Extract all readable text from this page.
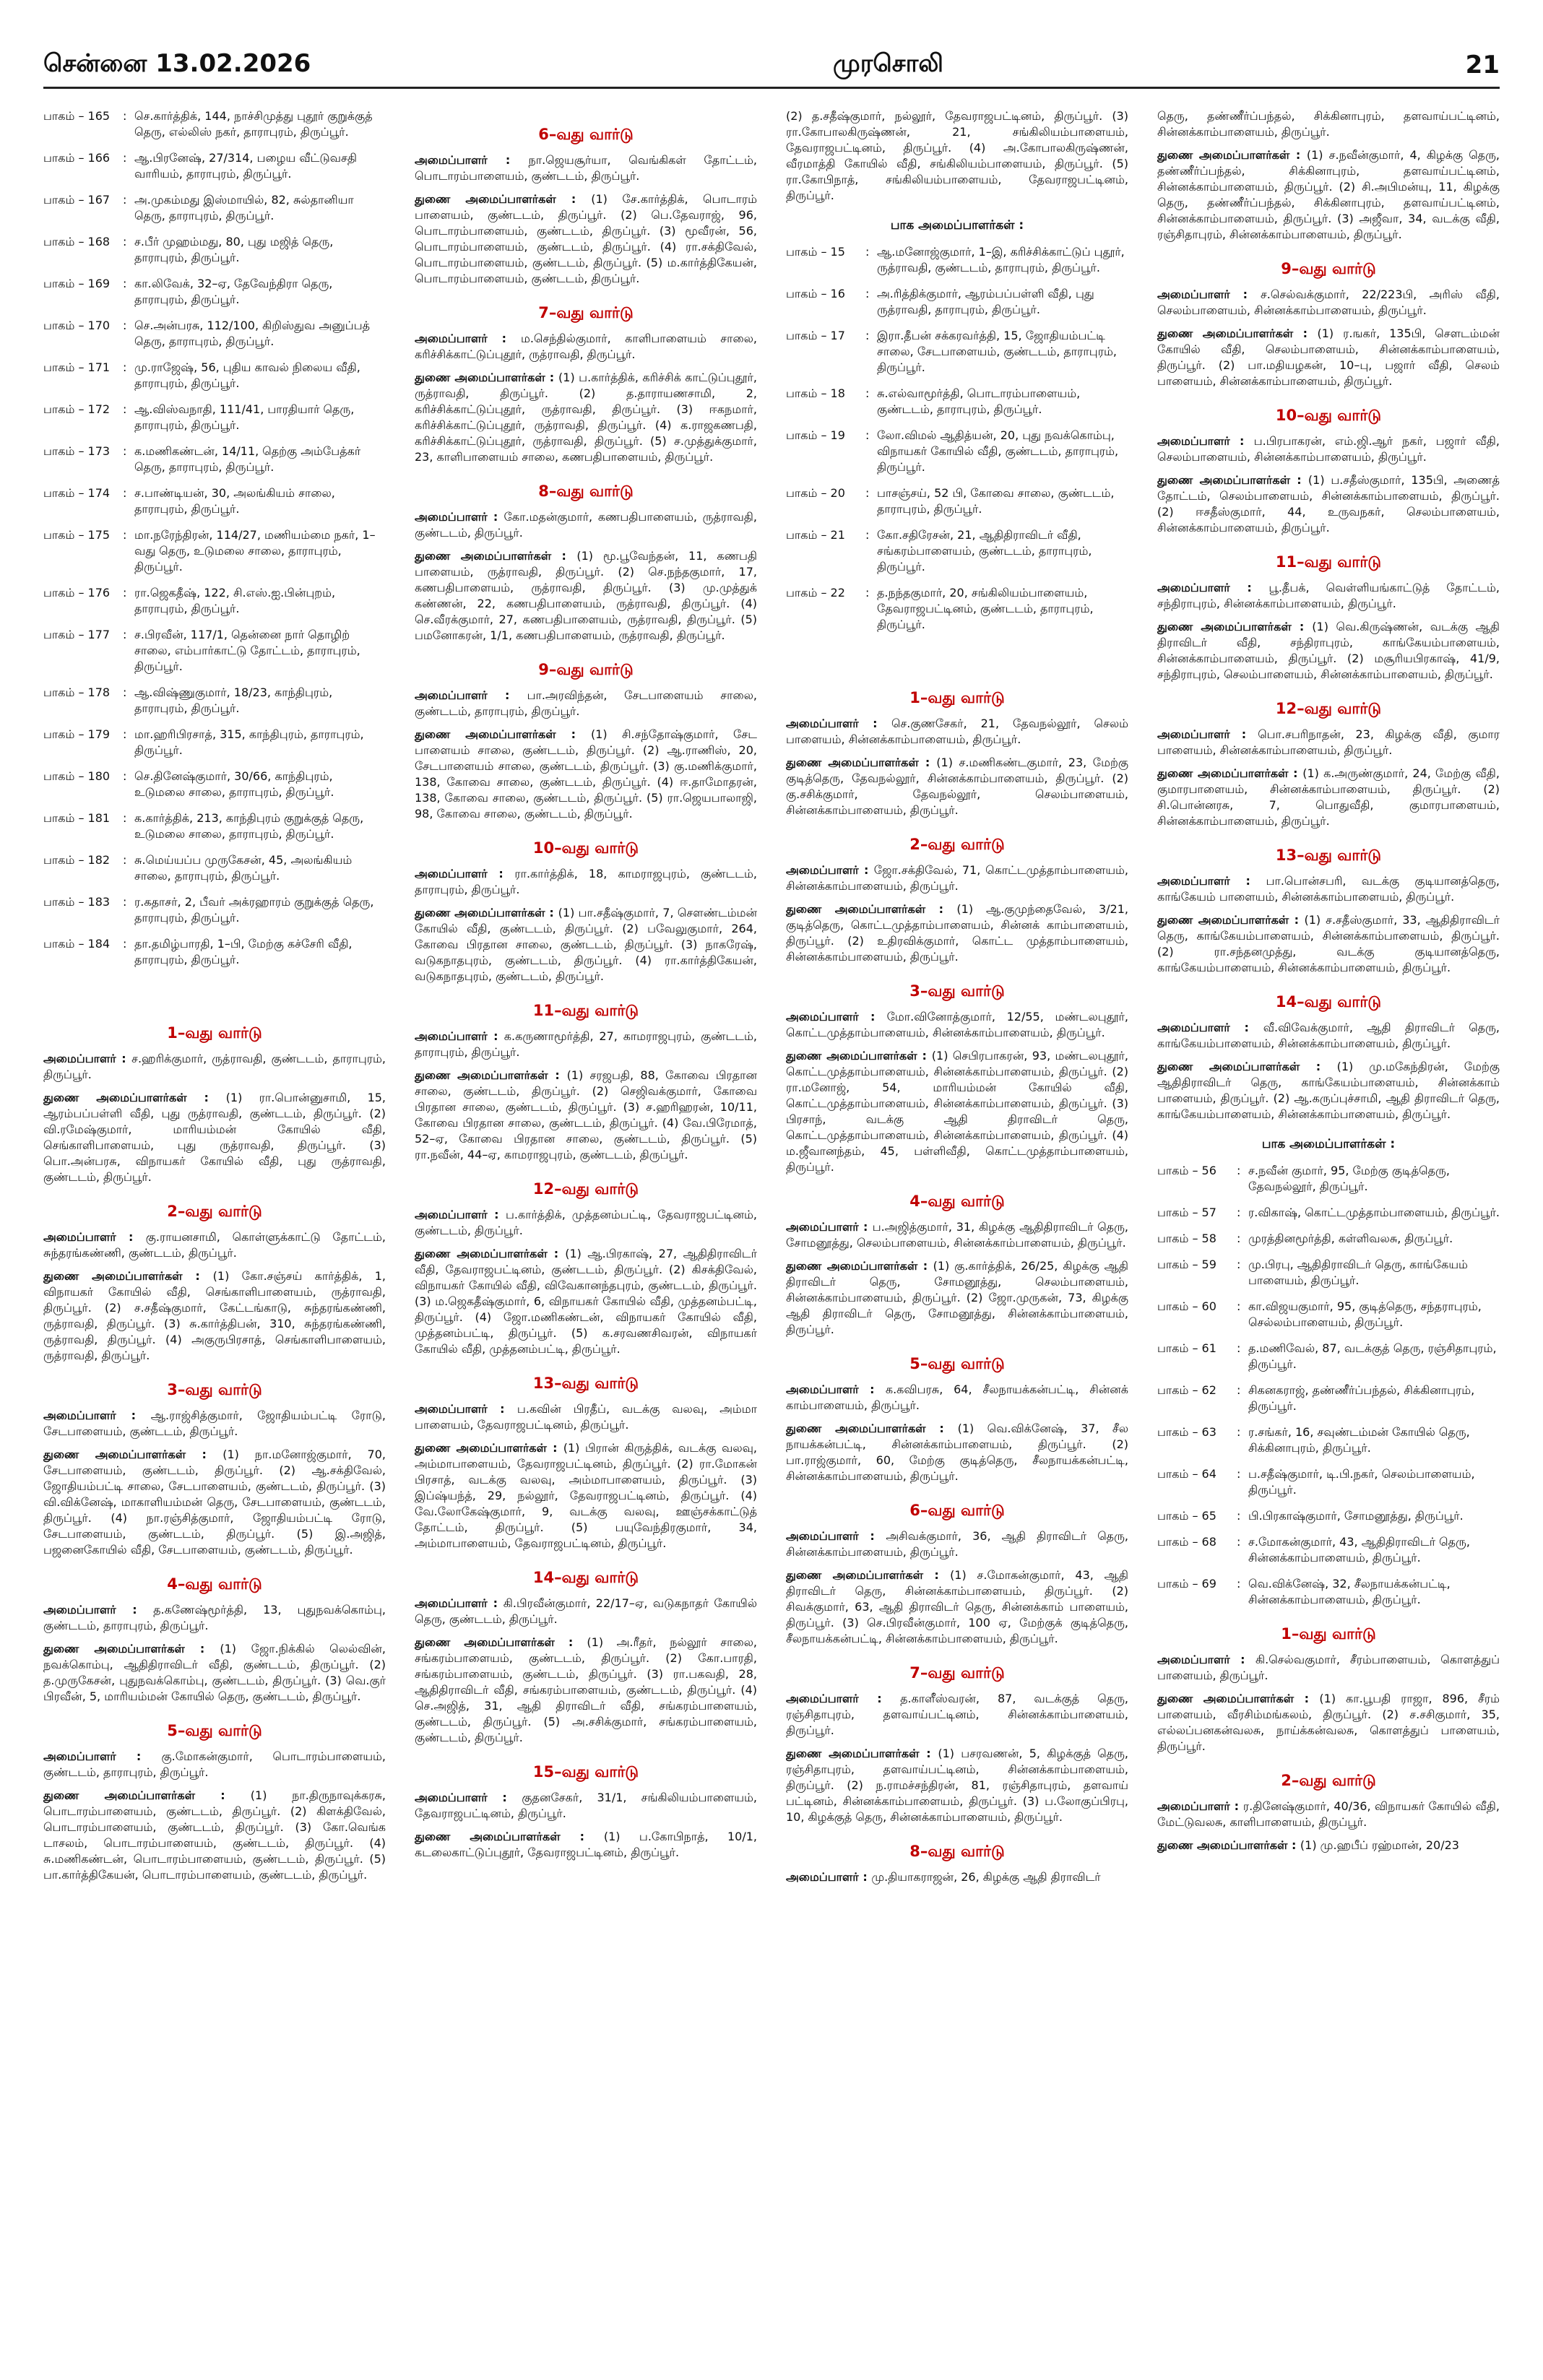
சென்னை 13.02.2026	முரசொலி	21
பாகம் – 165	: செ.கார்த்திக், 144, நாச்சிமுத்து புதூர் குறுக்குத் தெரு, எல்லிஸ் நகர், தாராபுரம், திருப்பூர்.
பாகம் – 166	: ஆ.பிரனேஷ், 27/314, பழைய வீட்டுவசதி வாரியம், தாராபுரம், திருப்பூர்.
பாகம் – 167	: அ.முகம்மது இஸ்மாயில், 82, சுல்தானியா தெரு, தாராபுரம், திருப்பூர்.
பாகம் – 168	: ச.பீர் முஹம்மது, 80, புது மஜித் தெரு, தாராபுரம், திருப்பூர்.
பாகம் – 169	: கா.லிவேக், 32–ஏ, தேவேந்திரா தெரு, தாராபுரம், திருப்பூர்.
பாகம் – 170	: செ.அன்பரசு, 112/100, கிறிஸ்துவ அனுப்பத் தெரு, தாராபுரம், திருப்பூர்.
பாகம் – 171	: மு.ராஜேஷ், 56, புதிய காவல் நிலைய வீதி, தாராபுரம், திருப்பூர்.
பாகம் – 172	: ஆ.விஸ்வநாதி, 111/41, பாரதியார் தெரு, தாராபுரம், திருப்பூர்.
பாகம் – 173	: க.மணிகண்டன், 14/11, தெற்கு அம்பேத்கர் தெரு, தாராபுரம், திருப்பூர்.
பாகம் – 174	: ச.பாண்டியன், 30, அலங்கியம் சாலை, தாராபுரம், திருப்பூர்.
பாகம் – 175	: மா.நரேந்திரன், 114/27, மணியம்மை நகர், 1–வது தெரு, உடுமலை சாலை, தாராபுரம், திருப்பூர்.
பாகம் – 176	: ரா.ஜெகதீஷ், 122, சி.எஸ்.ஐ.பின்புறம், தாராபுரம், திருப்பூர்.
பாகம் – 177	: ச.பிரவீன், 117/1, தென்னை நார் தொழிற் சாலை, எம்பார்காட்டு தோட்டம், தாராபுரம், திருப்பூர்.
பாகம் – 178	: ஆ.விஷ்ணுகுமார், 18/23, காந்திபுரம், தாராபுரம், திருப்பூர்.
பாகம் – 179	: மா.ஹரிபிரசாத், 315, காந்திபுரம், தாராபுரம், திருப்பூர்.
பாகம் – 180	: செ.தினேஷ்குமார், 30/66, காந்திபுரம், உடுமலை சாலை, தாராபுரம், திருப்பூர்.
பாகம் – 181	: க.கார்த்திக், 213, காந்திபுரம் குறுக்குத் தெரு, உடுமலை சாலை, தாராபுரம், திருப்பூர்.
பாகம் – 182	: சு.மெய்யப்ப முருகேசன், 45, அலங்கியம் சாலை, தாராபுரம், திருப்பூர்.
பாகம் – 183	: ர.கதாசர், 2, பீவர் அக்ரஹாரம் குறுக்குத் தெரு, தாராபுரம், திருப்பூர்.
பாகம் – 184	: தா.தமிழ்பாரதி, 1–பி, மேற்கு கச்சேரி வீதி, தாராபுரம், திருப்பூர்.
1–வது வார்டு

அமைப்பாளர் : ச.ஹரிக்குமார், ருத்ராவதி, குண்டடம், தாராபுரம், திருப்பூர்.

துணை அமைப்பாளர்கள் : (1) ரா.பொன்னுசாமி, 15, ஆரம்பப்பள்ளி வீதி, புது ருத்ராவதி, குண்டடம், திருப்பூர். (2) வி.ரமேஷ்குமார், மாரியம்மன் கோயில் வீதி, செங்காளிபாளையம், புது ருத்ராவதி, திருப்பூர். (3) பொ.அன்பரசு, விநாயகர் கோயில் வீதி, புது ருத்ராவதி, குண்டடம், திருப்பூர்.

2–வது வார்டு

அமைப்பாளர் : கு.ராயனசாமி, கொள்ளுக்காட்டு தோட்டம், சுந்தரங்கண்ணி, குண்டடம், திருப்பூர்.

துணை அமைப்பாளர்கள் : (1) கோ.சஞ்சய் கார்த்திக், 1, விநாயகர் கோயில் வீதி, செங்காளிபாளையம், ருத்ராவதி, திருப்பூர். (2) ச.சதீஷ்குமார், கேட்டங்காடு, சுந்தரங்கண்ணி, ருத்ராவதி, திருப்பூர். (3) சு.கார்த்திபன், 310, சுந்தரங்கண்ணி, ருத்ராவதி, திருப்பூர். (4) அகுருபிரசாத், செங்காளிபாளையம், ருத்ராவதி, திருப்பூர்.

3–வது வார்டு

அமைப்பாளர் : ஆ.ராஜ்சித்குமார், ஜோதியம்பட்டி ரோடு, சேடபாளையம், குண்டடம், திருப்பூர்.

துணை அமைப்பாளர்கள் : (1) நா.மனோஜ்குமார், 70, சேடபாளையம், குண்டடம், திருப்பூர். (2) ஆ.சக்திவேல், ஜோதியம்பட்டி சாலை, சேடபாளையம், குண்டடம், திருப்பூர். (3) வி.விக்னேஷ், மாகாளியம்மன் தெரு, சேடபாளையம், குண்டடம், திருப்பூர். (4) நா.ரஞ்சித்குமார், ஜோதியம்பட்டி ரோடு, சேடபாளையம், குண்டடம், திருப்பூர். (5) இ.அஜித், பஜனைகோயில் வீதி, சேடபாளையம், குண்டடம், திருப்பூர்.

4–வது வார்டு

அமைப்பாளர் : த.கணேஷ்மூர்த்தி, 13, புதுநவக்கொம்பு, குண்டடம், தாராபுரம், திருப்பூர்.

துணை அமைப்பாளர்கள் : (1) ஜோ.நிக்கில் லெல்வின், நவக்கொம்பு, ஆதிதிராவிடர் வீதி, குண்டடம், திருப்பூர். (2) த.முருகேசன், புதுநவக்கொம்பு, குண்டடம், திருப்பூர். (3) வெ.குர் பிரவீன், 5, மாரியம்மன் கோயில் தெரு, குண்டடம், திருப்பூர்.

5–வது வார்டு

அமைப்பாளர் : கு.மோகன்குமார், பொடாரம்பாளையம், குண்டடம், தாராபுரம், திருப்பூர்.

துணை அமைப்பாளர்கள் : (1) நா.திருநாவுக்கரசு, பொடாரம்பாளையம், குண்டடம், திருப்பூர். (2) கிளக்திவேல், பொடாரம்பாளையம், குண்டடம், திருப்பூர். (3) கோ.வெங்க டாசலம், பொடாரம்பாளையம், குண்டடம், திருப்பூர். (4) சு.மணிகண்டன், பொடாரம்பாளையம், குண்டடம், திருப்பூர். (5) பா.கார்த்திகேயன், பொடாரம்பாளையம், குண்டடம், திருப்பூர்.

6–வது வார்டு

அமைப்பாளர் : நா.ஜெயசூர்யா, வெங்கிகள் தோட்டம், பொடாரம்பாளையம், குண்டடம், திருப்பூர்.

துணை அமைப்பாளர்கள் : (1) சே.கார்த்திக், பொடாரம் பாளையம், குண்டடம், திருப்பூர். (2) பெ.தேவராஜ், 96, பொடாரம்பாளையம், குண்டடம், திருப்பூர். (3) மூவீரன், 56, பொடாரம்பாளையம், குண்டடம், திருப்பூர். (4) ரா.சக்திவேல், பொடாரம்பாளையம், குண்டடம், திருப்பூர். (5) ம.கார்த்திகேயன், பொடாரம்பாளையம், குண்டடம், திருப்பூர்.

7–வது வார்டு

அமைப்பாளர் : ம.செந்தில்குமார், காளிபாளையம் சாலை, கரிச்சிக்காட்டுப்புதூர், ருத்ராவதி, திருப்பூர்.

துணை அமைப்பாளர்கள் : (1) ப.கார்த்திக், கரிச்சிக் காட்டுப்புதூர், ருத்ராவதி, திருப்பூர். (2) த.தாராயணசாமி, 2, கரிச்சிக்காட்டுப்புதூர், ருத்ராவதி, திருப்பூர். (3) ஈகநமார், கரிச்சிக்காட்டுப்புதூர், ருத்ராவதி, திருப்பூர். (4) க.ராஜகணபதி, கரிச்சிக்காட்டுப்புதூர், ருத்ராவதி, திருப்பூர். (5) ச.முத்துக்குமார், 23, காளிபாளையம் சாலை, கணபதிபாளையம், திருப்பூர்.

8–வது வார்டு

அமைப்பாளர் : கோ.மதன்குமார், கணபதிபாளையம், ருத்ராவதி, குண்டடம், திருப்பூர்.

துணை அமைப்பாளர்கள் : (1) மூ.பூவேந்தன், 11, கணபதி பாளையம், ருத்ராவதி, திருப்பூர். (2) செ.நந்தகுமார், 17, கணபதிபாளையம், ருத்ராவதி, திருப்பூர். (3) மு.முத்துக் கண்ணன், 22, கணபதிபாளையம், ருத்ராவதி, திருப்பூர். (4) செ.வீரக்குமார், 27, கணபதிபாளையம், ருத்ராவதி, திருப்பூர். (5) பமனோகரன், 1/1, கணபதிபாளையம், ருத்ராவதி, திருப்பூர்.

9–வது வார்டு

அமைப்பாளர் : பா.அரவிந்தன், சேடபாளையம் சாலை, குண்டடம், தாராபுரம், திருப்பூர்.

துணை அமைப்பாளர்கள் : (1) சி.சந்தோஷ்குமார், சேட பாளையம் சாலை, குண்டடம், திருப்பூர். (2) ஆ.ராணிஸ், 20, சேடபாளையம் சாலை, குண்டடம், திருப்பூர். (3) கு.மணிக்குமார், 138, கோவை சாலை, குண்டடம், திருப்பூர். (4) ஈ.தாமோதரன், 138, கோவை சாலை, குண்டடம், திருப்பூர். (5) ரா.ஜெயபாலாஜி, 98, கோவை சாலை, குண்டடம், திருப்பூர்.

10–வது வார்டு

அமைப்பாளர் : ரா.கார்த்திக், 18, காமராஜபுரம், குண்டடம், தாராபுரம், திருப்பூர்.

துணை அமைப்பாளர்கள் : (1) பா.சதீஷ்குமார், 7, சௌண்டம்மன் கோயில் வீதி, குண்டடம், திருப்பூர். (2) பவேலுகுமார், 264, கோவை பிரதான சாலை, குண்டடம், திருப்பூர். (3) நாகரேஷ், வடுகநாதபுரம், குண்டடம், திருப்பூர். (4) ரா.கார்த்திகேயன், வடுகநாதபுரம், குண்டடம், திருப்பூர்.

11–வது வார்டு

அமைப்பாளர் : க.கருணாமூர்த்தி, 27, காமராஜபுரம், குண்டடம், தாராபுரம், திருப்பூர்.

துணை அமைப்பாளர்கள் : (1) சரஜபதி, 88, கோவை பிரதான சாலை, குண்டடம், திருப்பூர். (2) செஜிவக்குமார், கோவை பிரதான சாலை, குண்டடம், திருப்பூர். (3) ச.ஹரிஹரன், 10/11, கோவை பிரதான சாலை, குண்டடம், திருப்பூர். (4) வே.பிரேமாத், 52–ஏ, கோவை பிரதான சாலை, குண்டடம், திருப்பூர். (5) ரா.நவீன், 44–ஏ, காமராஜபுரம், குண்டடம், திருப்பூர்.

12–வது வார்டு

அமைப்பாளர் : ப.கார்த்திக், முத்தனம்பட்டி, தேவராஜபட்டினம், குண்டடம், திருப்பூர்.

துணை அமைப்பாளர்கள் : (1) ஆ.பிரகாஷ், 27, ஆதிதிராவிடர் வீதி, தேவராஜபட்டினம், குண்டடம், திருப்பூர். (2) கிசக்திவேல், விநாயகர் கோயில் வீதி, விவேகானந்தபுரம், குண்டடம், திருப்பூர். (3) ம.ஜெகதீஷ்குமார், 6, விநாயகர் கோயில் வீதி, முத்தனம்பட்டி, திருப்பூர். (4) ஜோ.மணிகண்டன், விநாயகர் கோயில் வீதி, முத்தனம்பட்டி, திருப்பூர். (5) க.சரவணசிவரன், விநாயகர் கோயில் வீதி, முத்தனம்பட்டி, திருப்பூர்.

13–வது வார்டு

அமைப்பாளர் : ப.கவின் பிரதீப், வடக்கு வலவு, அம்மா பாளையம், தேவராஜபட்டினம், திருப்பூர்.

துணை அமைப்பாளர்கள் : (1) பிரான் கிருத்திக், வடக்கு வலவு, அம்மாபாளையம், தேவராஜபட்டினம், திருப்பூர். (2) ரா.மோகன் பிரசாத், வடக்கு வலவு, அம்மாபாளையம், திருப்பூர். (3) இப்ஷ்யந்த், 29, நல்லூர், தேவராஜபட்டினம், திருப்பூர். (4) வே.லோகேஷ்குமார், 9, வடக்கு வலவு, ஊஞ்சக்காட்டுத் தோட்டம், திருப்பூர். (5) பயுவேந்திரகுமார், 34, அம்மாபாளையம், தேவராஜபட்டினம், திருப்பூர்.

14–வது வார்டு

அமைப்பாளர் : கி.பிரவீன்குமார், 22/17–ஏ, வடுகநாதர் கோயில் தெரு, குண்டடம், திருப்பூர்.

துணை அமைப்பாளர்கள் : (1) அ.ரீதர், நல்லூர் சாலை, சங்கரம்பாளையம், குண்டடம், திருப்பூர். (2) கோ.பாரதி, சங்கரம்பாளையம், குண்டடம், திருப்பூர். (3) ரா.பகவதி, 28, ஆதிதிராவிடர் வீதி, சங்கரம்பாளையம், குண்டடம், திருப்பூர். (4) செ.அஜித், 31, ஆதி திராவிடர் வீதி, சங்கரம்பாளையம், குண்டடம், திருப்பூர். (5) அ.சசிக்குமார், சங்கரம்பாளையம், குண்டடம், திருப்பூர்.

15–வது வார்டு

அமைப்பாளர் : குதனசேகர், 31/1, சங்கிலியம்பாளையம், தேவராஜபட்டினம், திருப்பூர்.

துணை அமைப்பாளர்கள் : (1) ப.கோபிநாத், 10/1, கடலைகாட்டுப்புதூர், தேவராஜபட்டினம், திருப்பூர்.

(2) த.சதீஷ்குமார், நல்லூர், தேவராஜபட்டினம், திருப்பூர். (3) ரா.கோபாலகிருஷ்ணன், 21, சங்கிலியம்பாளையம், தேவராஜபட்டினம், திருப்பூர். (4) அ.கோபாலகிருஷ்ணன், வீரமாத்தி கோயில் வீதி, சங்கிலியம்பாளையம், திருப்பூர். (5) ரா.கோபிநாத், சங்கிலியம்பாளையம், தேவராஜபட்டினம், திருப்பூர்.

பாக அமைப்பாளர்கள் :
பாகம் – 15	: ஆ.மனோஜ்குமார், 1–இ, கரிச்சிக்காட்டுப் புதூர், ருத்ராவதி, குண்டடம், தாராபுரம், திருப்பூர்.
பாகம் – 16	: அ.ரித்திக்குமார், ஆரம்பப்பள்ளி வீதி, புது ருத்ராவதி, தாராபுரம், திருப்பூர்.
பாகம் – 17	: இரா.தீபன் சக்கரவர்த்தி, 15, ஜோதியம்பட்டி சாலை, சேடபாளையம், குண்டடம், தாராபுரம், திருப்பூர்.
பாகம் – 18	: சு.எல்வாமூர்த்தி, பொடாரம்பாளையம், குண்டடம், தாராபுரம், திருப்பூர்.
பாகம் – 19	: லோ.விமல் ஆதித்யன், 20, புது நவக்கொம்பு, விநாயகர் கோயில் வீதி, குண்டடம், தாராபுரம், திருப்பூர்.
பாகம் – 20	: பாசஞ்சய், 52 பி, கோவை சாலை, குண்டடம், தாராபுரம், திருப்பூர்.
பாகம் – 21	: கோ.சதிரேசன், 21, ஆதிதிராவிடர் வீதி, சங்கரம்பாளையம், குண்டடம், தாராபுரம், திருப்பூர்.
பாகம் – 22	: த.நந்தகுமார், 20, சங்கிலியம்பாளையம், தேவராஜபட்டினம், குண்டடம், தாராபுரம், திருப்பூர்.
1–வது வார்டு

அமைப்பாளர் : செ.குணசேகர், 21, தேவநல்லூர், செலம் பாளையம், சின்னக்காம்பாளையம், திருப்பூர்.

துணை அமைப்பாளர்கள் : (1) ச.மணிகண்டகுமார், 23, மேற்கு குடித்தெரு, தேவநல்லூர், சின்னக்காம்பாளையம், திருப்பூர். (2) கு.சசிக்குமார், தேவநல்லூர், செலம்பாளையம், சின்னக்காம்பாளையம், திருப்பூர்.

2–வது வார்டு

அமைப்பாளர் : ஜோ.சக்திவேல், 71, கொட்டமுத்தாம்பாளையம், சின்னக்காம்பாளையம், திருப்பூர்.

துணை அமைப்பாளர்கள் : (1) ஆ.குமுந்தைவேல், 3/21, குடித்தெரு, கொட்டமுத்தாம்பாளையம், சின்னக் காம்பாளையம், திருப்பூர். (2) உதிரவிக்குமார், கொட்ட முத்தாம்பாளையம், சின்னக்காம்பாளையம், திருப்பூர்.

3–வது வார்டு

அமைப்பாளர் : மோ.வினோத்குமார், 12/55, மண்டலபுதூர், கொட்டமுத்தாம்பாளையம், சின்னக்காம்பாளையம், திருப்பூர்.

துணை அமைப்பாளர்கள் : (1) செபிரபாகரன், 93, மண்டலபுதூர், கொட்டமுத்தாம்பாளையம், சின்னக்காம்பாளையம், திருப்பூர். (2) ரா.மனோஜ், 54, மாரியம்மன் கோயில் வீதி, கொட்டமுத்தாம்பாளையம், சின்னக்காம்பாளையம், திருப்பூர். (3) பிரசாந், வடக்கு ஆதி திராவிடர் தெரு, கொட்டமுத்தாம்பாளையம், சின்னக்காம்பாளையம், திருப்பூர். (4) ம.ஜீவானந்தம், 45, பள்ளிவீதி, கொட்டமுத்தாம்பாளையம், திருப்பூர்.

4–வது வார்டு

அமைப்பாளர் : ப.அஜித்குமார், 31, கிழக்கு ஆதிதிராவிடர் தெரு, சோமனூத்து, செலம்பாளையம், சின்னக்காம்பாளையம், திருப்பூர்.

துணை அமைப்பாளர்கள் : (1) கு.கார்த்திக், 26/25, கிழக்கு ஆதி திராவிடர் தெரு, சோமனூத்து, செலம்பாளையம், சின்னக்காம்பாளையம், திருப்பூர். (2) ஜோ.முருகன், 73, கிழக்கு ஆதி திராவிடர் தெரு, சோமனூத்து, சின்னக்காம்பாளையம், திருப்பூர்.

5–வது வார்டு

அமைப்பாளர் : க.கவிபரசு, 64, சீலநாயக்கன்பட்டி, சின்னக் காம்பாளையம், திருப்பூர்.

துணை அமைப்பாளர்கள் : (1) வெ.விக்னேஷ், 37, சீல நாயக்கன்பட்டி, சின்னக்காம்பாளையம், திருப்பூர். (2) பா.ராஜ்குமார், 60, மேற்கு குடித்தெரு, சீலநாயக்கன்பட்டி, சின்னக்காம்பாளையம், திருப்பூர்.

6–வது வார்டு

அமைப்பாளர் : அசிவக்குமார், 36, ஆதி திராவிடர் தெரு, சின்னக்காம்பாளையம், திருப்பூர்.

துணை அமைப்பாளர்கள் : (1) ச.மோகன்குமார், 43, ஆதி திராவிடர் தெரு, சின்னக்காம்பாளையம், திருப்பூர். (2) சிவக்குமார், 63, ஆதி திராவிடர் தெரு, சின்னக்காம் பாளையம், திருப்பூர். (3) செ.பிரவீன்குமார், 100 ஏ, மேற்குக் குடித்தெரு, சீலநாயக்கன்பட்டி, சின்னக்காம்பாளையம், திருப்பூர்.

7–வது வார்டு

அமைப்பாளர் : த.காளீஸ்வரன், 87, வடக்குத் தெரு, ரஞ்சிதாபுரம், தளவாய்பட்டினம், சின்னக்காம்பாளையம், திருப்பூர்.

துணை அமைப்பாளர்கள் : (1) பசரவணன், 5, கிழக்குத் தெரு, ரஞ்சிதாபுரம், தளவாய்பட்டினம், சின்னக்காம்பாளையம், திருப்பூர். (2) ந.ராமச்சந்திரன், 81, ரஞ்சிதாபுரம், தளவாய் பட்டினம், சின்னக்காம்பாளையம், திருப்பூர். (3) ப.லோகுப்பிரபு, 10, கிழக்குத் தெரு, சின்னக்காம்பாளையம், திருப்பூர்.

8–வது வார்டு

அமைப்பாளர் : மு.தியாகராஜன், 26, கிழக்கு ஆதி திராவிடர்

தெரு, தண்ணீர்ப்பந்தல், சிக்கினாபுரம், தளவாய்பட்டினம், சின்னக்காம்பாளையம், திருப்பூர்.

துணை அமைப்பாளர்கள் : (1) ச.நவீன்குமார், 4, கிழக்கு தெரு, தண்ணீர்ப்பந்தல், சிக்கினாபுரம், தளவாய்பட்டினம், சின்னக்காம்பாளையம், திருப்பூர். (2) சி.அபிமன்யு, 11, கிழக்கு தெரு, தண்ணீர்ப்பந்தல், சிக்கினாபுரம், தளவாய்பட்டினம், சின்னக்காம்பாளையம், திருப்பூர். (3) அஜீவா, 34, வடக்கு வீதி, ரஞ்சிதாபுரம், சின்னக்காம்பாளையம், திருப்பூர்.

9–வது வார்டு

அமைப்பாளர் : ச.செல்வக்குமார், 22/223பி, அரிஸ் வீதி, செலம்பாளையம், சின்னக்காம்பாளையம், திருப்பூர்.

துணை அமைப்பாளர்கள் : (1) ர.ஙகர், 135பி, சௌடம்மன் கோயில் வீதி, செலம்பாளையம், சின்னக்காம்பாளையம், திருப்பூர். (2) பா.மதியழகன், 10–பு, பஜார் வீதி, செலம் பாளையம், சின்னக்காம்பாளையம், திருப்பூர்.

10–வது வார்டு

அமைப்பாளர் : ப.பிரபாகரன், எம்.ஜி.ஆர் நகர், பஜார் வீதி, செலம்பாளையம், சின்னக்காம்பாளையம், திருப்பூர்.

துணை அமைப்பாளர்கள் : (1) ப.சதீஸ்குமார், 135பி, அணைத் தோட்டம், செலம்பாளையம், சின்னக்காம்பாளையம், திருப்பூர். (2) ஈசதீஸ்குமார், 44, உருவநகர், செலம்பாளையம், சின்னக்காம்பாளையம், திருப்பூர்.

11–வது வார்டு

அமைப்பாளர் : பூ.தீபக், வெள்ளியங்காட்டுத் தோட்டம், சந்திராபுரம், சின்னக்காம்பாளையம், திருப்பூர்.

துணை அமைப்பாளர்கள் : (1) வெ.கிருஷ்ணன், வடக்கு ஆதி திராவிடர் வீதி, சந்திராபுரம், காங்கேயம்பாளையம், சின்னக்காம்பாளையம், திருப்பூர். (2) மசூரியபிரகாஷ், 41/9, சந்திராபுரம், செலம்பாளையம், சின்னக்காம்பாளையம், திருப்பூர்.

12–வது வார்டு

அமைப்பாளர் : பொ.சபரிநாதன், 23, கிழக்கு வீதி, குமார பாளையம், சின்னக்காம்பாளையம், திருப்பூர்.

துணை அமைப்பாளர்கள் : (1) க.அருண்குமார், 24, மேற்கு வீதி, குமாரபாளையம், சின்னக்காம்பாளையம், திருப்பூர். (2) சி.பொன்னரசு, 7, பொதுவீதி, குமாரபாளையம், சின்னக்காம்பாளையம், திருப்பூர்.

13–வது வார்டு

அமைப்பாளர் : பா.பொன்சபரி, வடக்கு குடியானத்தெரு, காங்கேயம் பாளையம், சின்னக்காம்பாளையம், திருப்பூர்.

துணை அமைப்பாளர்கள் : (1) ச.சதீஸ்குமார், 33, ஆதிதிராவிடர் தெரு, காங்கேயம்பாளையம், சின்னக்காம்பாளையம், திருப்பூர். (2) ரா.சந்தனமுத்து, வடக்கு குடியானத்தெரு, காங்கேயம்பாளையம், சின்னக்காம்பாளையம், திருப்பூர்.

14–வது வார்டு

அமைப்பாளர் : வீ.விவேக்குமார், ஆதி திராவிடர் தெரு, காங்கேயம்பாளையம், சின்னக்காம்பாளையம், திருப்பூர்.

துணை அமைப்பாளர்கள் : (1) மு.மகேந்திரன், மேற்கு ஆதிதிராவிடர் தெரு, காங்கேயம்பாளையம், சின்னக்காம் பாளையம், திருப்பூர். (2) ஆ.கருப்புச்சாமி, ஆதி திராவிடர் தெரு, காங்கேயம்பாளையம், சின்னக்காம்பாளையம், திருப்பூர்.

பாக அமைப்பாளர்கள் :
பாகம் – 56	: ச.நவீன் குமார், 95, மேற்கு குடித்தெரு, தேவநல்லூர், திருப்பூர்.
பாகம் – 57	: ர.விகாஷ், கொட்டமுத்தாம்பாளையம், திருப்பூர்.
பாகம் – 58	: முரத்தினமூர்த்தி, கள்ளிவலசு, திருப்பூர்.
பாகம் – 59	: மு.பிரபு, ஆதிதிராவிடர் தெரு, காங்கேயம் பாளையம், திருப்பூர்.
பாகம் – 60	: கா.விஜயகுமார், 95, குடித்தெரு, சந்தராபுரம், செல்லம்பாளையம், திருப்பூர்.
பாகம் – 61	: த.மணிவேல், 87, வடக்குத் தெரு, ரஞ்சிதாபுரம், திருப்பூர்.
பாகம் – 62	: சிகனகராஜ், தண்ணீர்ப்பந்தல், சிக்கினாபுரம், திருப்பூர்.
பாகம் – 63	: ர.சங்கர், 16, சவுண்டம்மன் கோயில் தெரு, சிக்கினாபுரம், திருப்பூர்.
பாகம் – 64	: ப.சதீஷ்குமார், டி.பி.நகர், செலம்பாளையம், திருப்பூர்.
பாகம் – 65	: பி.பிரகாஷ்குமார், சோமனூத்து, திருப்பூர்.
பாகம் – 68	: ச.மோகன்குமார், 43, ஆதிதிராவிடர் தெரு, சின்னக்காம்பாளையம், திருப்பூர்.
பாகம் – 69	: வெ.விக்னேஷ், 32, சீலநாயக்கன்பட்டி, சின்னக்காம்பாளையம், திருப்பூர்.
1–வது வார்டு

அமைப்பாளர் : கி.செல்வகுமார், சீரம்பாளையம், கொளத்துப் பாளையம், திருப்பூர்.

துணை அமைப்பாளர்கள் : (1) கா.பூபதி ராஜா, 896, சீரம் பாளையம், வீரசிம்மங்கலம், திருப்பூர். (2) ச.சசிகுமார், 35, எல்லப்பனகன்வலசு, நாய்க்கன்வலசு, கொளத்துப் பாளையம், திருப்பூர்.

2–வது வார்டு

அமைப்பாளர் : ர.தினேஷ்குமார், 40/36, விநாயகர் கோயில் வீதி, மேட்டுவலசு, காளிபாளையம், திருப்பூர்.

துணை அமைப்பாளர்கள் : (1) மு.ஹபீப் ரஹ்மான், 20/23
